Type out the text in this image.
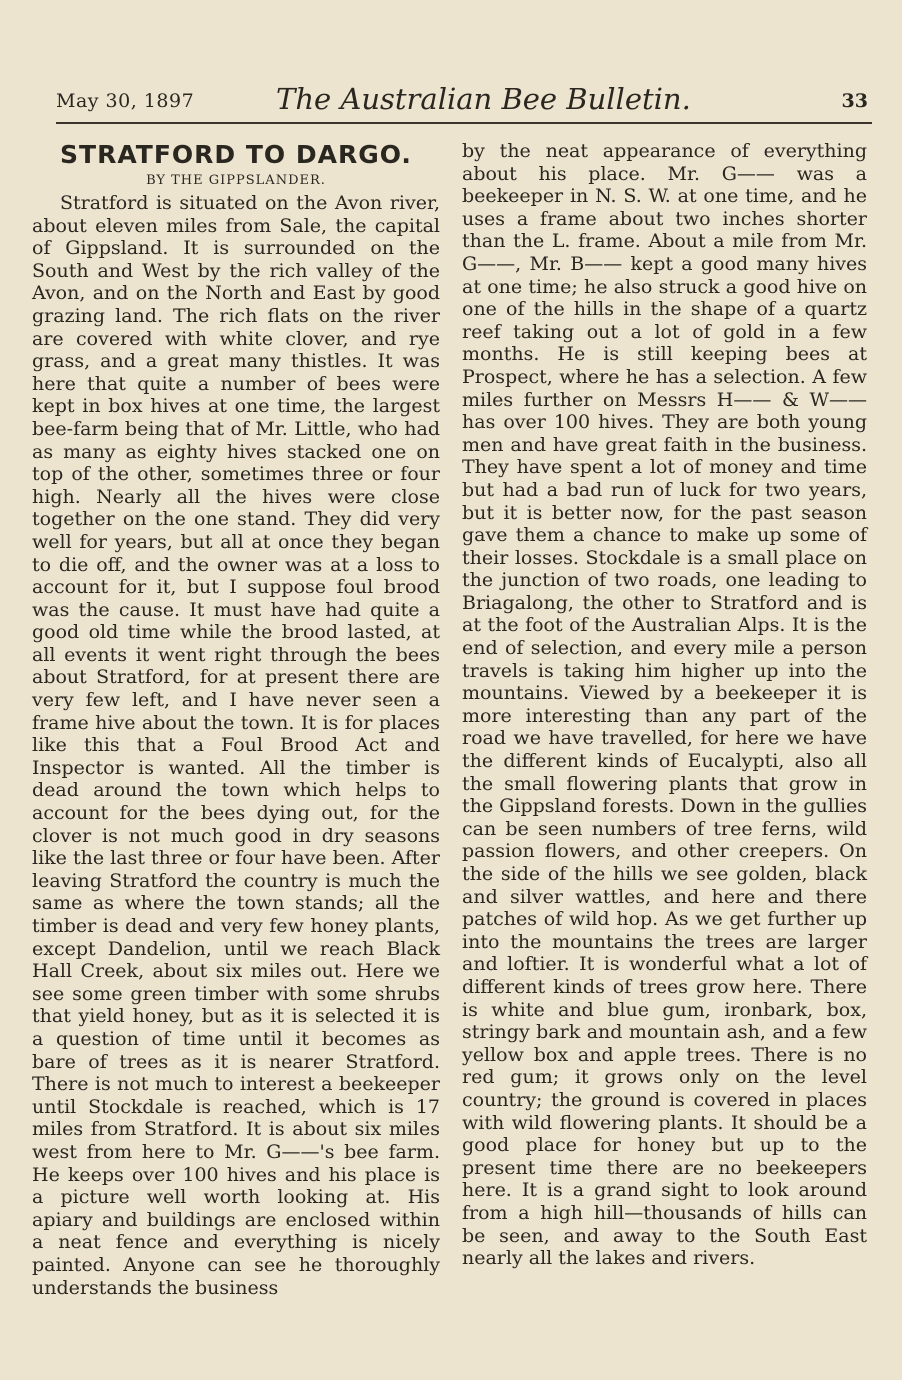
May 30, 1897	The Australian Bee Bulletin.	33
STRATFORD TO DARGO.
BY THE GIPPSLANDER.

Stratford is situated on the Avon river, about eleven miles from Sale, the capital of Gippsland. It is surrounded on the South and West by the rich valley of the Avon, and on the North and East by good grazing land. The rich flats on the river are covered with white clover, and rye grass, and a great many thistles. It was here that quite a number of bees were kept in box hives at one time, the largest bee-farm being that of Mr. Little, who had as many as eighty hives stacked one on top of the other, sometimes three or four high. Nearly all the hives were close together on the one stand. They did very well for years, but all at once they began to die off, and the owner was at a loss to account for it, but I suppose foul brood was the cause. It must have had quite a good old time while the brood lasted, at all events it went right through the bees about Stratford, for at present there are very few left, and I have never seen a frame hive about the town. It is for places like this that a Foul Brood Act and Inspector is wanted. All the timber is dead around the town which helps to account for the bees dying out, for the clover is not much good in dry seasons like the last three or four have been. After leaving Stratford the country is much the same as where the town stands; all the timber is dead and very few honey plants, except Dandelion, until we reach Black Hall Creek, about six miles out. Here we see some green timber with some shrubs that yield honey, but as it is selected it is a question of time until it becomes as bare of trees as it is nearer Stratford. There is not much to interest a beekeeper until Stockdale is reached, which is 17 miles from Stratford. It is about six miles west from here to Mr. G——'s bee farm. He keeps over 100 hives and his place is a picture well worth looking at. His apiary and buildings are enclosed within a neat fence and everything is nicely painted. Anyone can see he thoroughly understands the business

by the neat appearance of everything about his place. Mr. G—— was a beekeeper in N. S. W. at one time, and he uses a frame about two inches shorter than the L. frame. About a mile from Mr. G——, Mr. B—— kept a good many hives at one time; he also struck a good hive on one of the hills in the shape of a quartz reef taking out a lot of gold in a few months. He is still keeping bees at Prospect, where he has a selection. A few miles further on Messrs H—— & W—— has over 100 hives. They are both young men and have great faith in the business. They have spent a lot of money and time but had a bad run of luck for two years, but it is better now, for the past season gave them a chance to make up some of their losses. Stockdale is a small place on the junction of two roads, one leading to Briagalong, the other to Stratford and is at the foot of the Australian Alps. It is the end of selection, and every mile a person travels is taking him higher up into the mountains. Viewed by a beekeeper it is more interesting than any part of the road we have travelled, for here we have the different kinds of Eucalypti, also all the small flowering plants that grow in the Gippsland forests. Down in the gullies can be seen numbers of tree ferns, wild passion flowers, and other creepers. On the side of the hills we see golden, black and silver wattles, and here and there patches of wild hop. As we get further up into the mountains the trees are larger and loftier. It is wonderful what a lot of different kinds of trees grow here. There is white and blue gum, ironbark, box, stringy bark and mountain ash, and a few yellow box and apple trees. There is no red gum; it grows only on the level country; the ground is covered in places with wild flowering plants. It should be a good place for honey but up to the present time there are no beekeepers here. It is a grand sight to look around from a high hill—thousands of hills can be seen, and away to the South East nearly all the lakes and rivers.
